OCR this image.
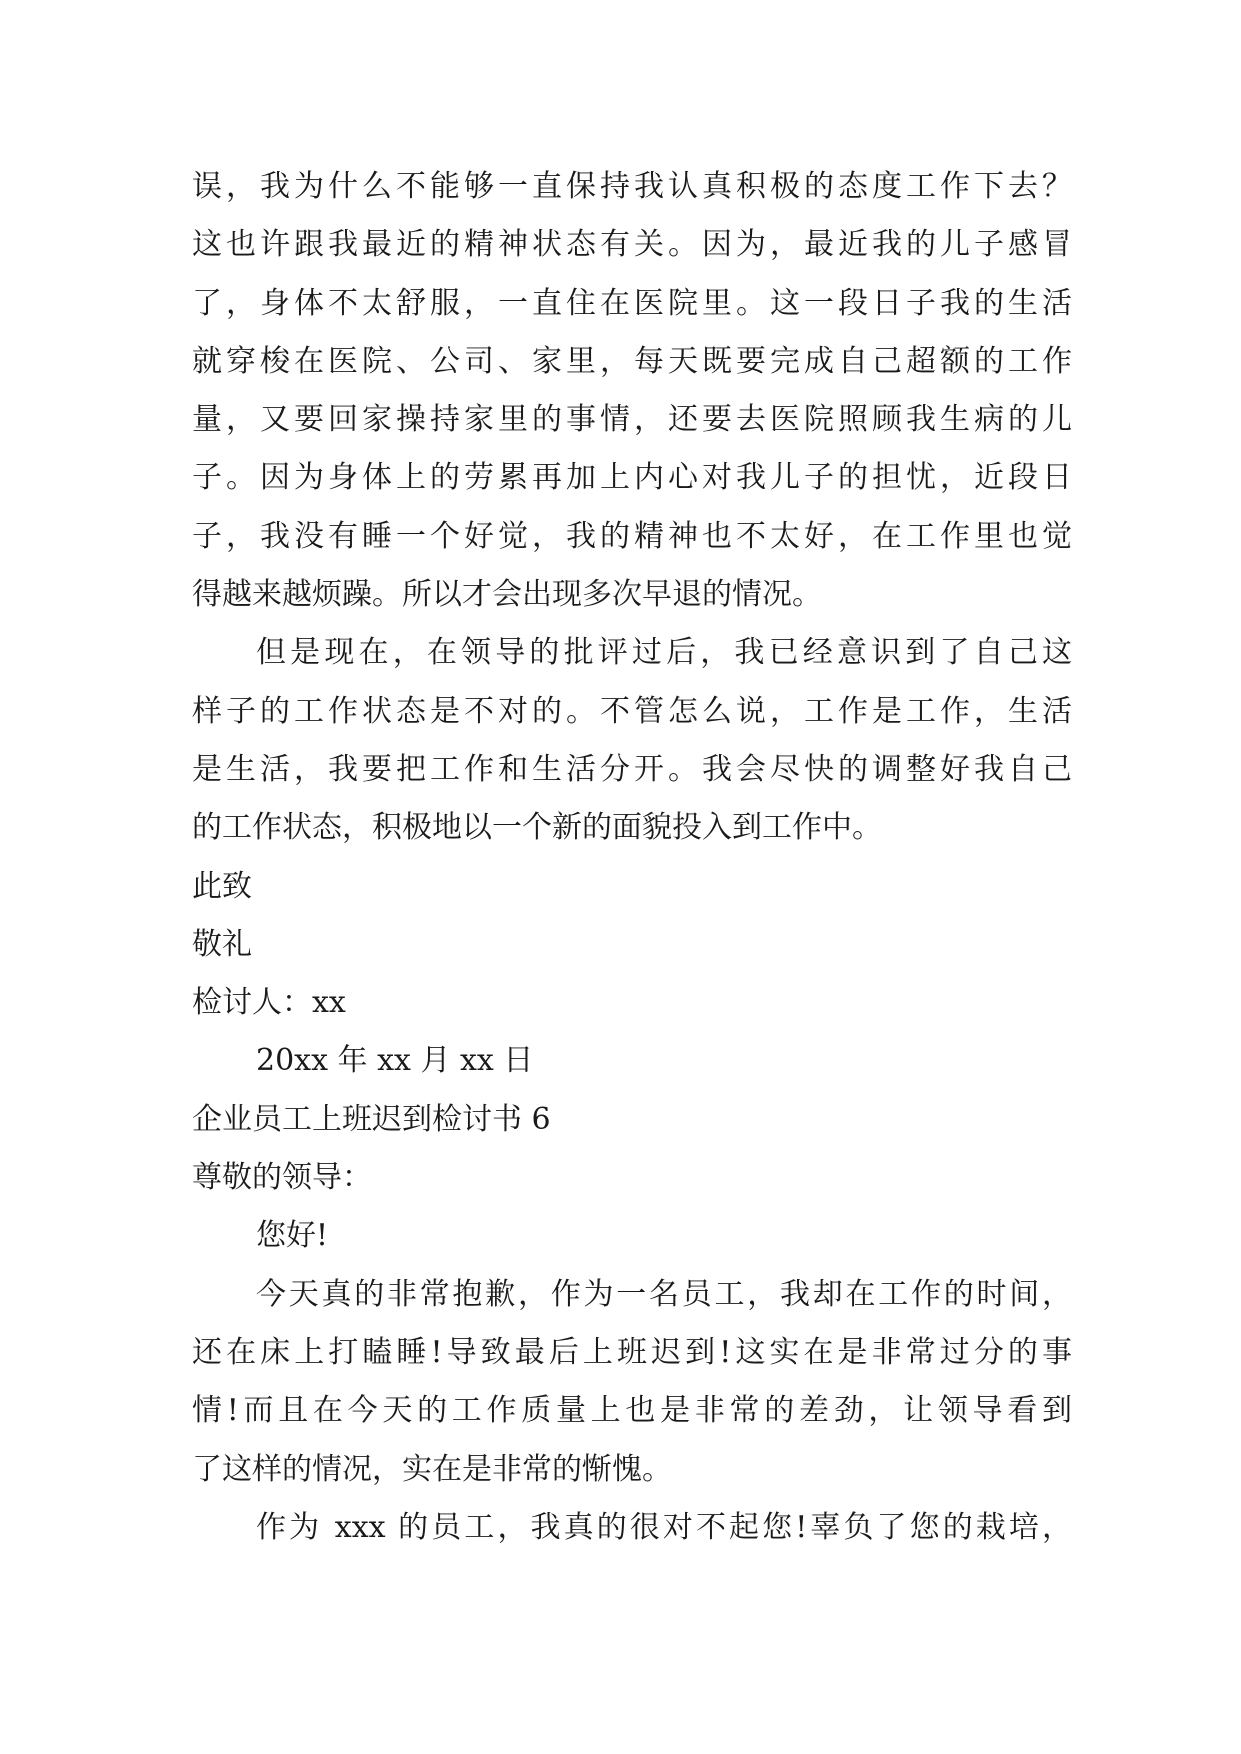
误，我为什么不能够一直保持我认真积极的态度工作下去？
这也许跟我最近的精神状态有关。因为，最近我的儿子感冒
了，身体不太舒服，一直住在医院里。这一段日子我的生活
就穿梭在医院、公司、家里，每天既要完成自己超额的工作
量，又要回家操持家里的事情，还要去医院照顾我生病的儿
子。因为身体上的劳累再加上内心对我儿子的担忧，近段日
子，我没有睡一个好觉，我的精神也不太好，在工作里也觉
得越来越烦躁。所以才会出现多次早退的情况。
但是现在，在领导的批评过后，我已经意识到了自己这
样子的工作状态是不对的。不管怎么说，工作是工作，生活
是生活，我要把工作和生活分开。我会尽快的调整好我自己
的工作状态，积极地以一个新的面貌投入到工作中。
此致
敬礼
检讨人：xx
20xx 年 xx 月 xx 日
企业员工上班迟到检讨书 6
尊敬的领导：
您好!
今天真的非常抱歉，作为一名员工，我却在工作的时间，
还在床上打瞌睡!导致最后上班迟到!这实在是非常过分的事
情!而且在今天的工作质量上也是非常的差劲，让领导看到
了这样的情况，实在是非常的惭愧。
作为 xxx 的员工，我真的很对不起您!辜负了您的栽培，
